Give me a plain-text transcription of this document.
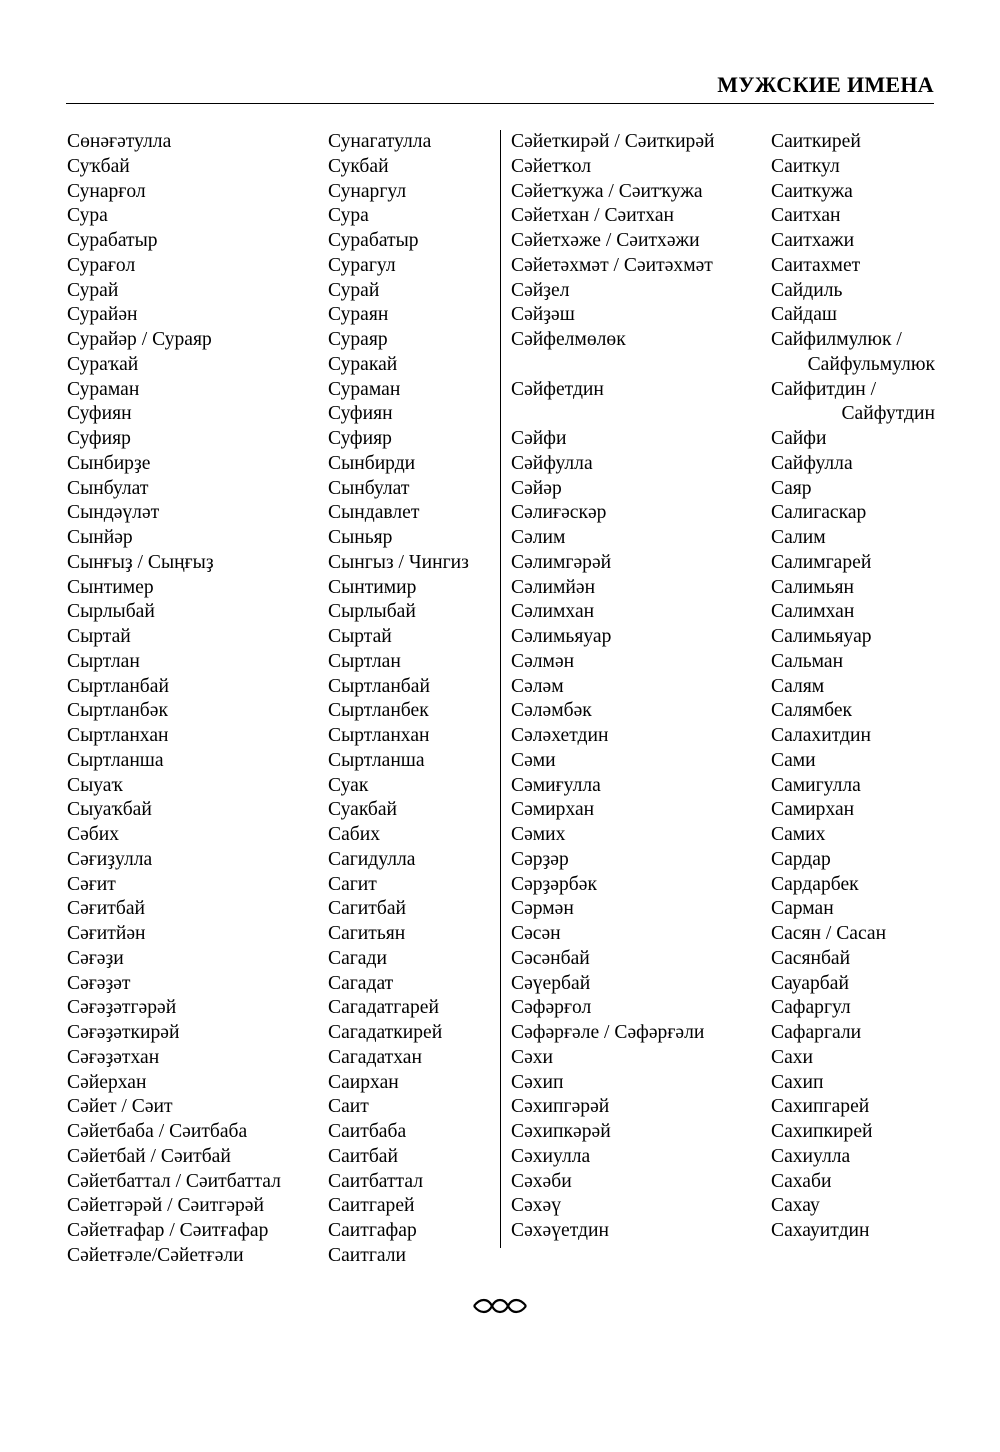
МУЖСКИЕ ИМЕНА
Сөнәғәтулла
Суҡбай
Сунарғол
Сура
Сурабатыр
Сурағол
Сурай
Сурайән
Сурайәр / Сураяр
Сураҡай
Сураман
Суфиян
Суфияр
Сынбирҙе
Сынбулат
Сындәүләт
Сынйәр
Сынғыҙ / Сыңғыҙ
Сынтимер
Сырлыбай
Сыртай
Сыртлан
Сыртланбай
Сыртланбәк
Сыртланхан
Сыртланша
Сыуаҡ
Сыуаҡбай
Сәбих
Сәғиҙулла
Сәғит
Сәғитбай
Сәғитйән
Сәғәҙи
Сәғәҙәт
Сәғәҙәтгәрәй
Сәғәҙәткирәй
Сәғәҙәтхан
Сәйерхан
Сәйет / Сәит
Сәйетбаба / Сәитбаба
Сәйетбай / Сәитбай
Сәйетбаттал / Сәитбаттал
Сәйетгәрәй / Сәитгәрәй
Сәйетғафар / Сәитғафар
Сәйетғәле/Сәйетғәли
Сунагатулла
Сукбай
Сунаргул
Сура
Сурабатыр
Сурагул
Сурай
Сураян
Сураяр
Суракай
Сураман
Суфиян
Суфияр
Сынбирди
Сынбулат
Сындавлет
Сыньяр
Сынгыз / Чингиз
Сынтимир
Сырлыбай
Сыртай
Сыртлан
Сыртланбай
Сыртланбек
Сыртланхан
Сыртланша
Суак
Суакбай
Сабих
Сагидулла
Сагит
Сагитбай
Сагитьян
Сагади
Сагадат
Сагадатгарей
Сагадаткирей
Сагадатхан
Саирхан
Саит
Саитбаба
Саитбай
Саитбаттал
Саитгарей
Саитгафар
Саитгали
Сәйеткирәй / Сәиткирәй
Сәйетҡол
Сәйетҡужа / Сәитҡужа
Сәйетхан / Сәитхан
Сәйетхәже / Сәитхәжи
Сәйетәхмәт / Сәитәхмәт
Сәйҙел
Сәйҙәш
Сәйфелмөлөк
Сәйфетдин
Сәйфи
Сәйфулла
Сәйәр
Сәлиғәскәр
Сәлим
Сәлимгәрәй
Сәлимйән
Сәлимхан
Сәлимьяуар
Сәлмән
Сәләм
Сәләмбәк
Сәләхетдин
Сәми
Сәмиғулла
Сәмирхан
Сәмих
Сәрҙәр
Сәрҙәрбәк
Сәрмән
Сәсән
Сәсәнбай
Сәүербай
Сәфәрғол
Сәфәрғәле / Сәфәрғәли
Сәхи
Сәхип
Сәхипгәрәй
Сәхипкәрәй
Сәхиулла
Сәхәби
Сәхәү
Сәхәүетдин
Саиткирей
Саиткул
Саиткужа
Саитхан
Саитхажи
Саитахмет
Сайдиль
Сайдаш
Сайфилмулюк /
Сайфульмулюк
Сайфитдин /
Сайфутдин
Сайфи
Сайфулла
Саяр
Салигаскар
Салим
Салимгарей
Салимьян
Салимхан
Салимьяуар
Сальман
Салям
Салямбек
Салахитдин
Сами
Самигулла
Самирхан
Самих
Сардар
Сардарбек
Сарман
Сасян / Сасан
Сасянбай
Сауарбай
Сафаргул
Сафаргали
Сахи
Сахип
Сахипгарей
Сахипкирей
Сахиулла
Сахаби
Сахау
Сахауитдин
